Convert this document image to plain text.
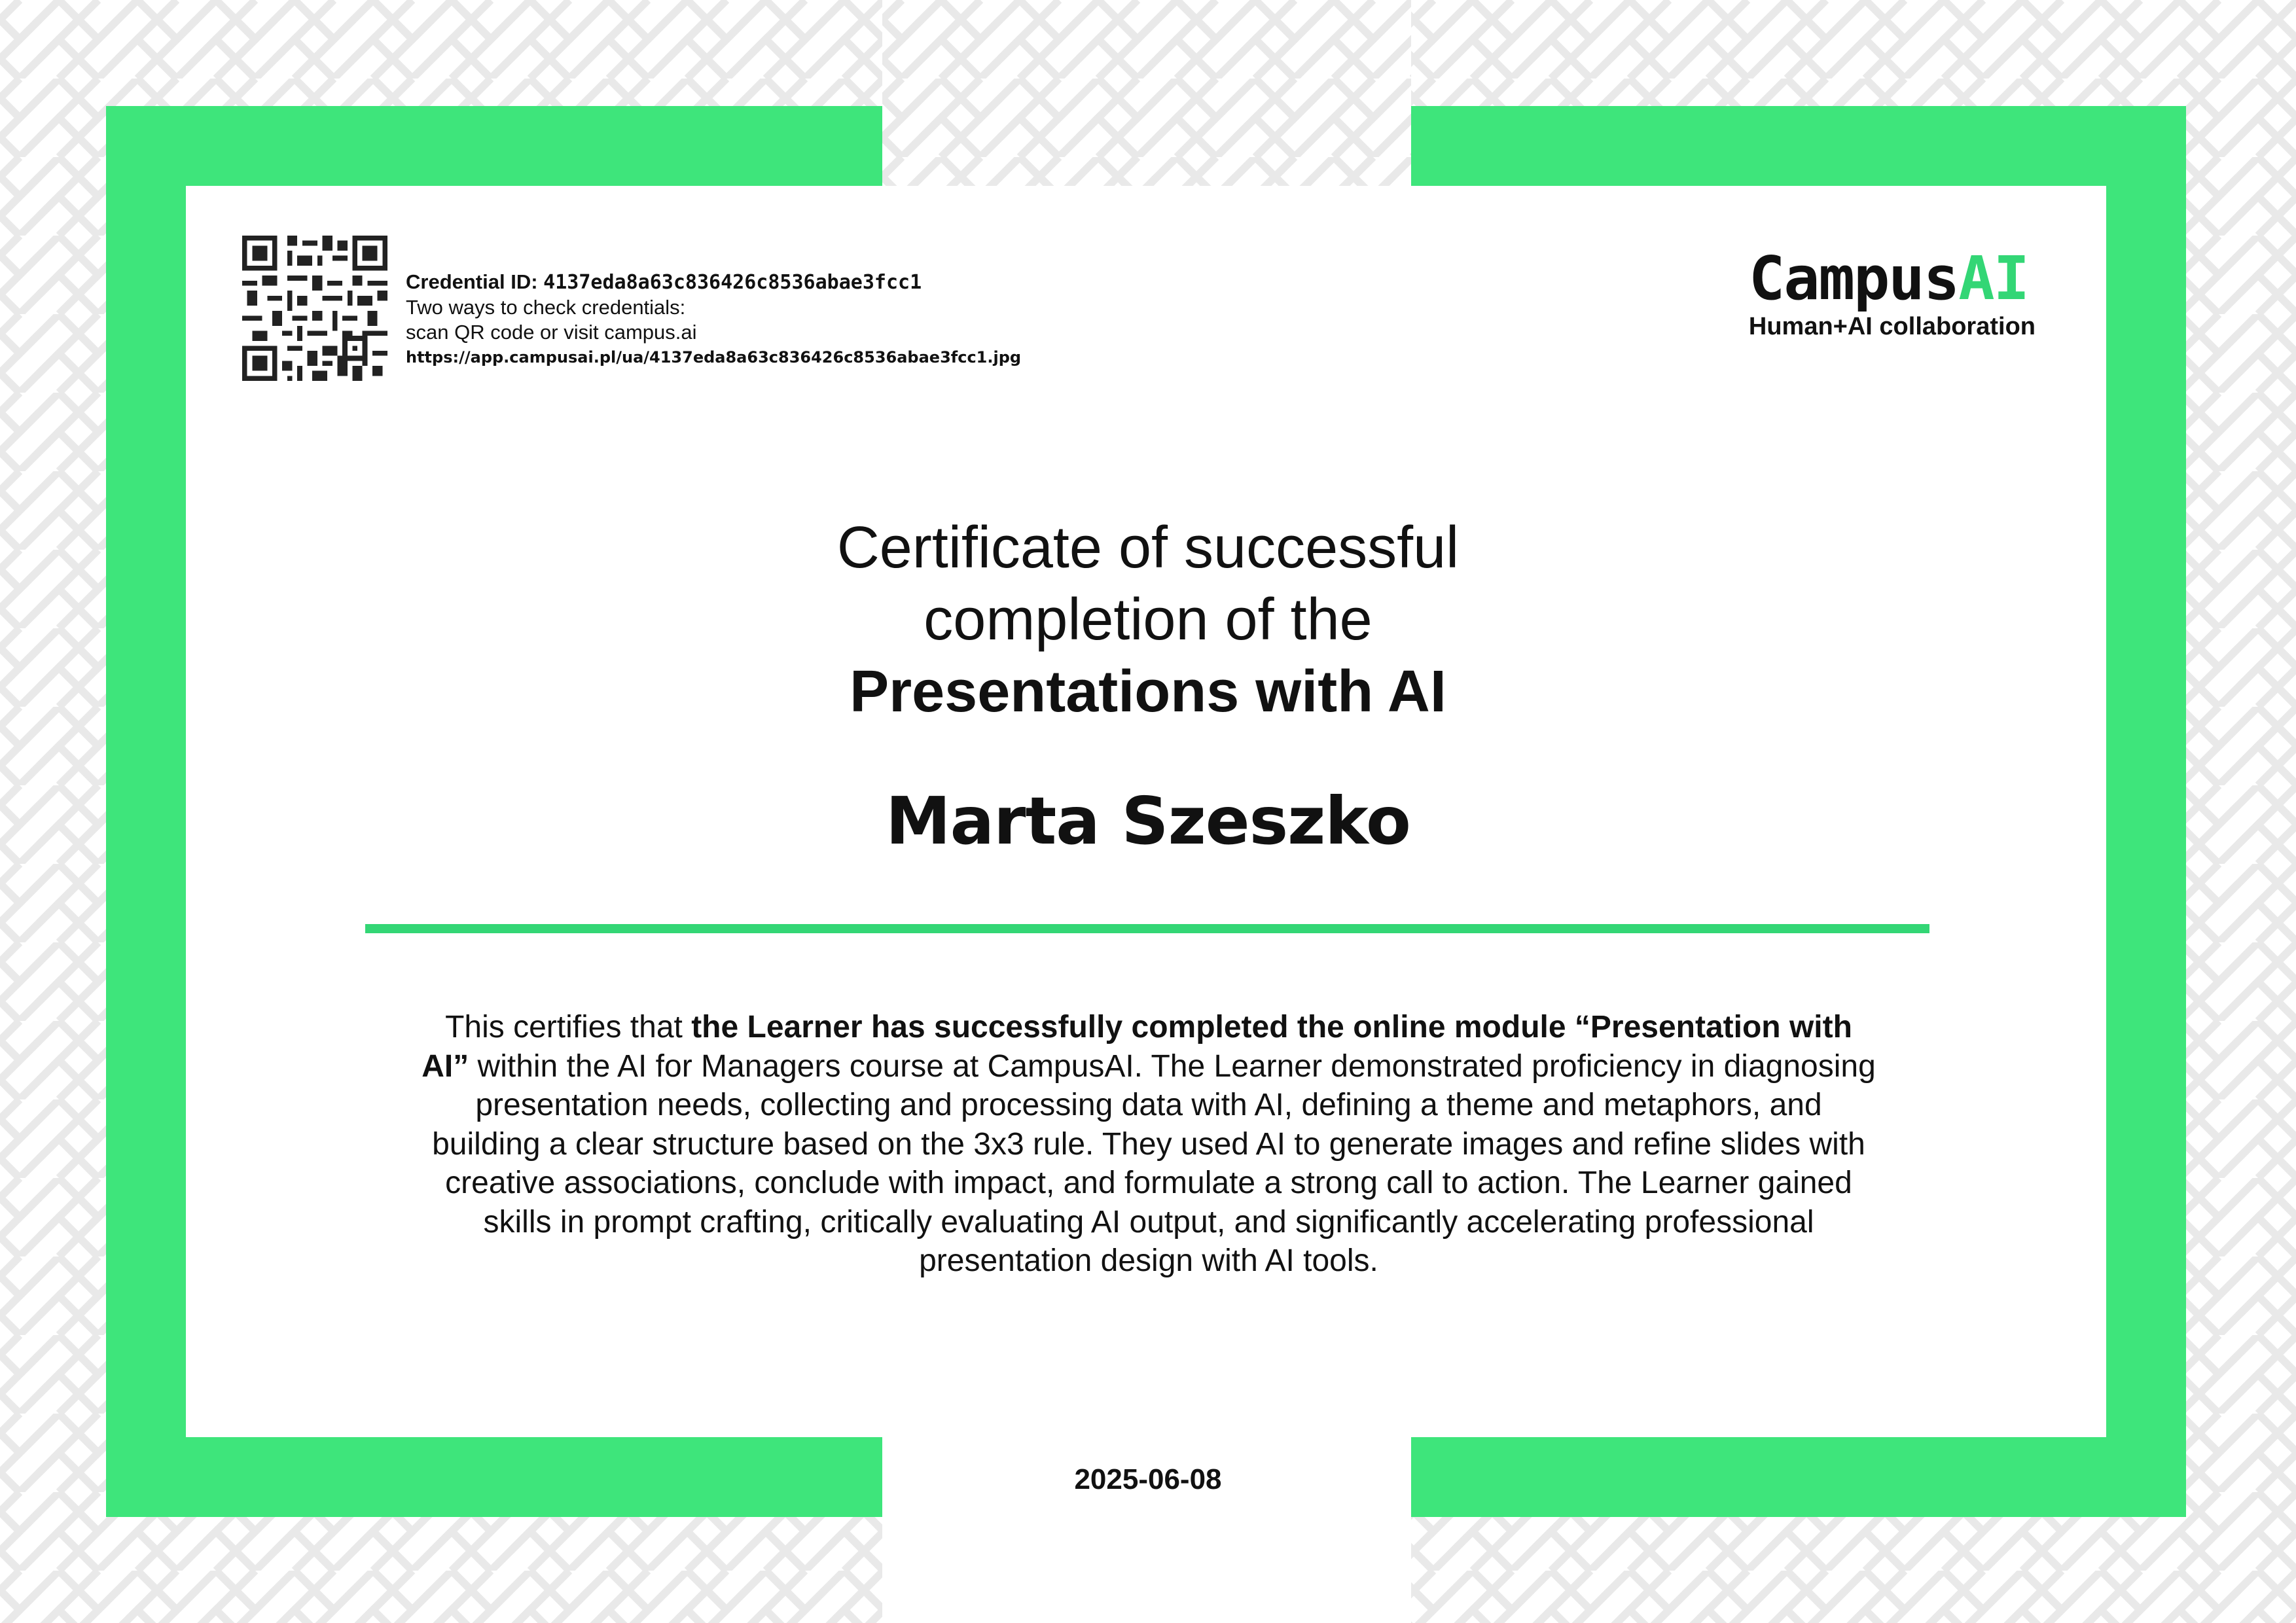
Credential ID: 4137eda8a63c836426c8536abae3fcc1
Two ways to check credentials:
scan QR code or visit campus.ai
https://app.campusai.pl/ua/4137eda8a63c836426c8536abae3fcc1.jpg
CampusAI
Human+AI collaboration
Certificate of successful
completion of the
Presentations with AI
Marta Szeszko
This certifies that the Learner has successfully completed the online module “Presentation with AI” within the AI for Managers course at CampusAI. The Learner demonstrated proficiency in diagnosing presentation needs, collecting and processing data with AI, defining a theme and metaphors, and building a clear structure based on the 3x3 rule. They used AI to generate images and refine slides with creative associations, conclude with impact, and formulate a strong call to action. The Learner gained skills in prompt crafting, critically evaluating AI output, and significantly accelerating professional presentation design with AI tools.
2025-06-08
